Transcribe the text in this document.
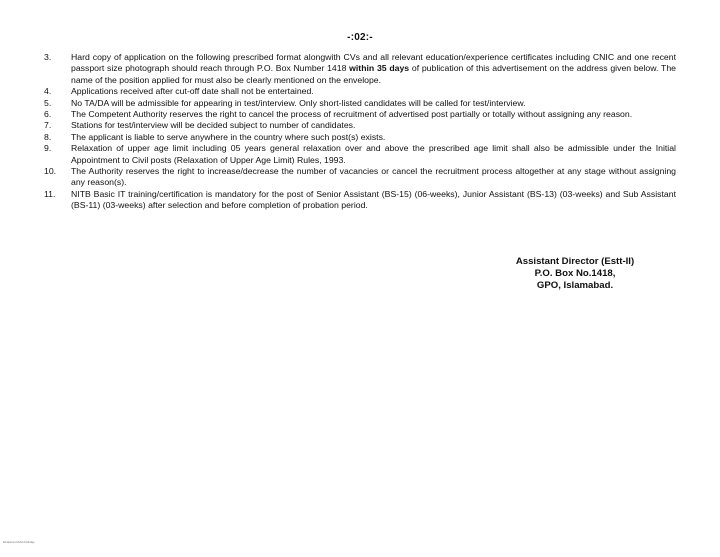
-:02:-
3.	Hard copy of application on the following prescribed format alongwith CVs and all relevant education/experience certificates including CNIC and one recent passport size photograph should reach through P.O. Box Number 1418 within 35 days of publication of this advertisement on the address given below. The name of the position applied for must also be clearly mentioned on the envelope.
4.	Applications received after cut-off date shall not be entertained.
5.	No TA/DA will be admissible for appearing in test/interview. Only short-listed candidates will be called for test/interview.
6.	The Competent Authority reserves the right to cancel the process of recruitment of advertised post partially or totally without assigning any reason.
7.	Stations for test/interview will be decided subject to number of candidates.
8.	The applicant is liable to serve anywhere in the country where such post(s) exists.
9.	Relaxation of upper age limit including 05 years general relaxation over and above the prescribed age limit shall also be admissible under the Initial Appointment to Civil posts (Relaxation of Upper Age Limit) Rules, 1993.
10.	The Authority reserves the right to increase/decrease the number of vacancies or cancel the recruitment process altogether at any stage without assigning any reason(s).
11.	NITB Basic IT training/certification is mandatory for the post of Senior Assistant (BS-15) (06-weeks), Junior Assistant (BS-13) (03-weeks) and Sub Assistant (BS-11) (03-weeks) after selection and before completion of probation period.
Assistant Director (Estt-II)
P.O. Box No.1418,
GPO, Islamabad.
ikhatarooz/ASC/Holiday
